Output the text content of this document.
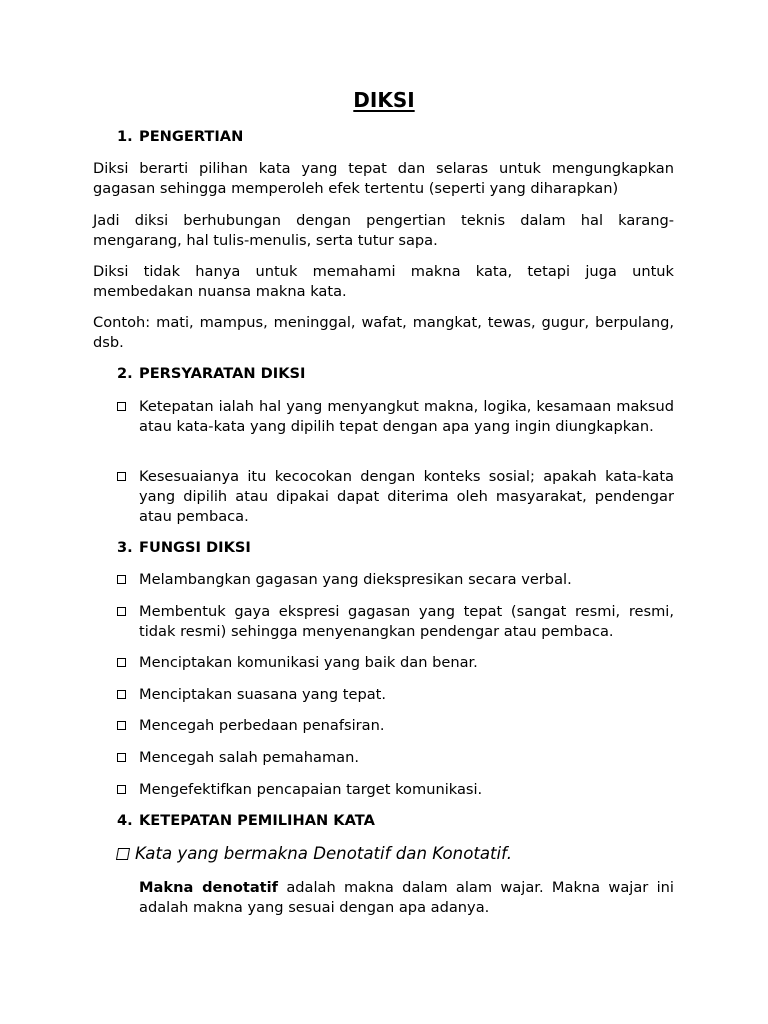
DIKSI
1. PENGERTIAN
Diksi berarti pilihan kata yang tepat dan selaras untuk mengungkapkan gagasan sehingga memperoleh efek tertentu (seperti yang diharapkan)
Jadi diksi berhubungan dengan pengertian teknis dalam hal karang-mengarang, hal tulis-menulis, serta tutur sapa.
Diksi tidak hanya untuk memahami makna kata, tetapi juga untuk membedakan nuansa makna kata.
Contoh: mati, mampus, meninggal, wafat, mangkat, tewas, gugur, berpulang, dsb.
2. PERSYARATAN DIKSI
Ketepatan ialah hal yang menyangkut makna, logika, kesamaan maksud atau kata-kata yang dipilih tepat dengan apa yang ingin diungkapkan.
Kesesuaianya itu kecocokan dengan konteks sosial; apakah kata-kata yang dipilih atau dipakai dapat diterima oleh masyarakat, pendengar atau pembaca.
3. FUNGSI DIKSI
Melambangkan gagasan yang diekspresikan secara verbal.
Membentuk gaya ekspresi gagasan yang tepat (sangat resmi, resmi, tidak resmi) sehingga menyenangkan pendengar atau pembaca.
Menciptakan komunikasi yang baik dan benar.
Menciptakan suasana yang tepat.
Mencegah perbedaan penafsiran.
Mencegah salah pemahaman.
Mengefektifkan pencapaian target komunikasi.
4. KETEPATAN PEMILIHAN KATA
Kata yang bermakna Denotatif dan Konotatif.
Makna denotatif adalah makna dalam alam wajar. Makna wajar ini adalah makna yang sesuai dengan apa adanya.
